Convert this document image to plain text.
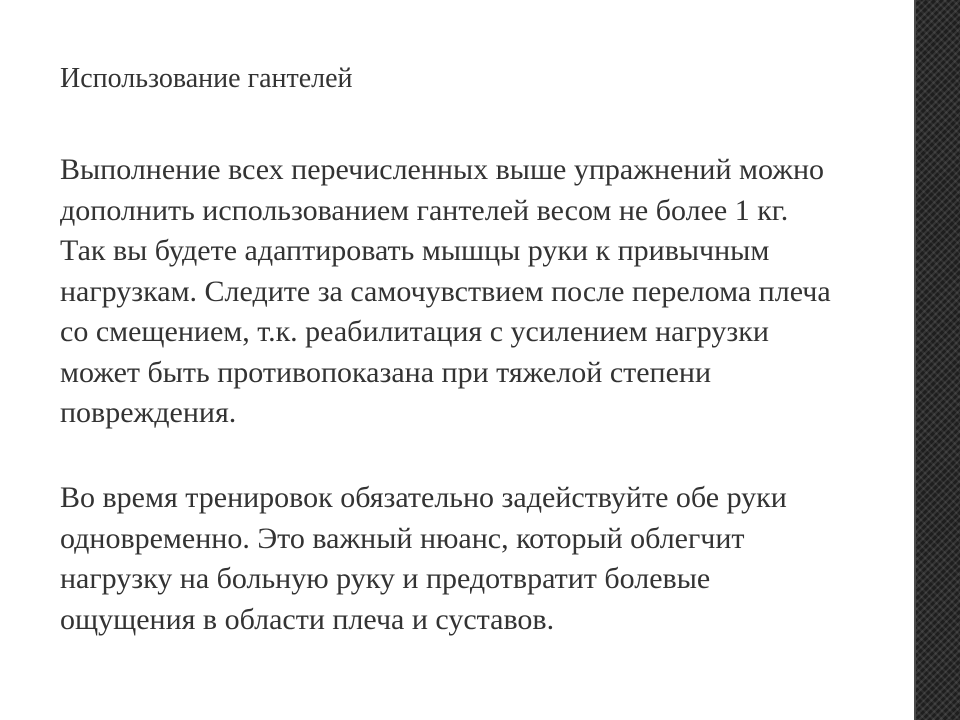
Использование гантелей

Выполнение всех перечисленных выше упражнений можно
дополнить использованием гантелей весом не более 1 кг.
Так вы будете адаптировать мышцы руки к привычным
нагрузкам. Следите за самочувствием после перелома плеча
со смещением, т.к. реабилитация с усилением нагрузки
может быть противопоказана при тяжелой степени
повреждения.

Во время тренировок обязательно задействуйте обе руки
одновременно. Это важный нюанс, который облегчит
нагрузку на больную руку и предотвратит болевые
ощущения в области плеча и суставов.
